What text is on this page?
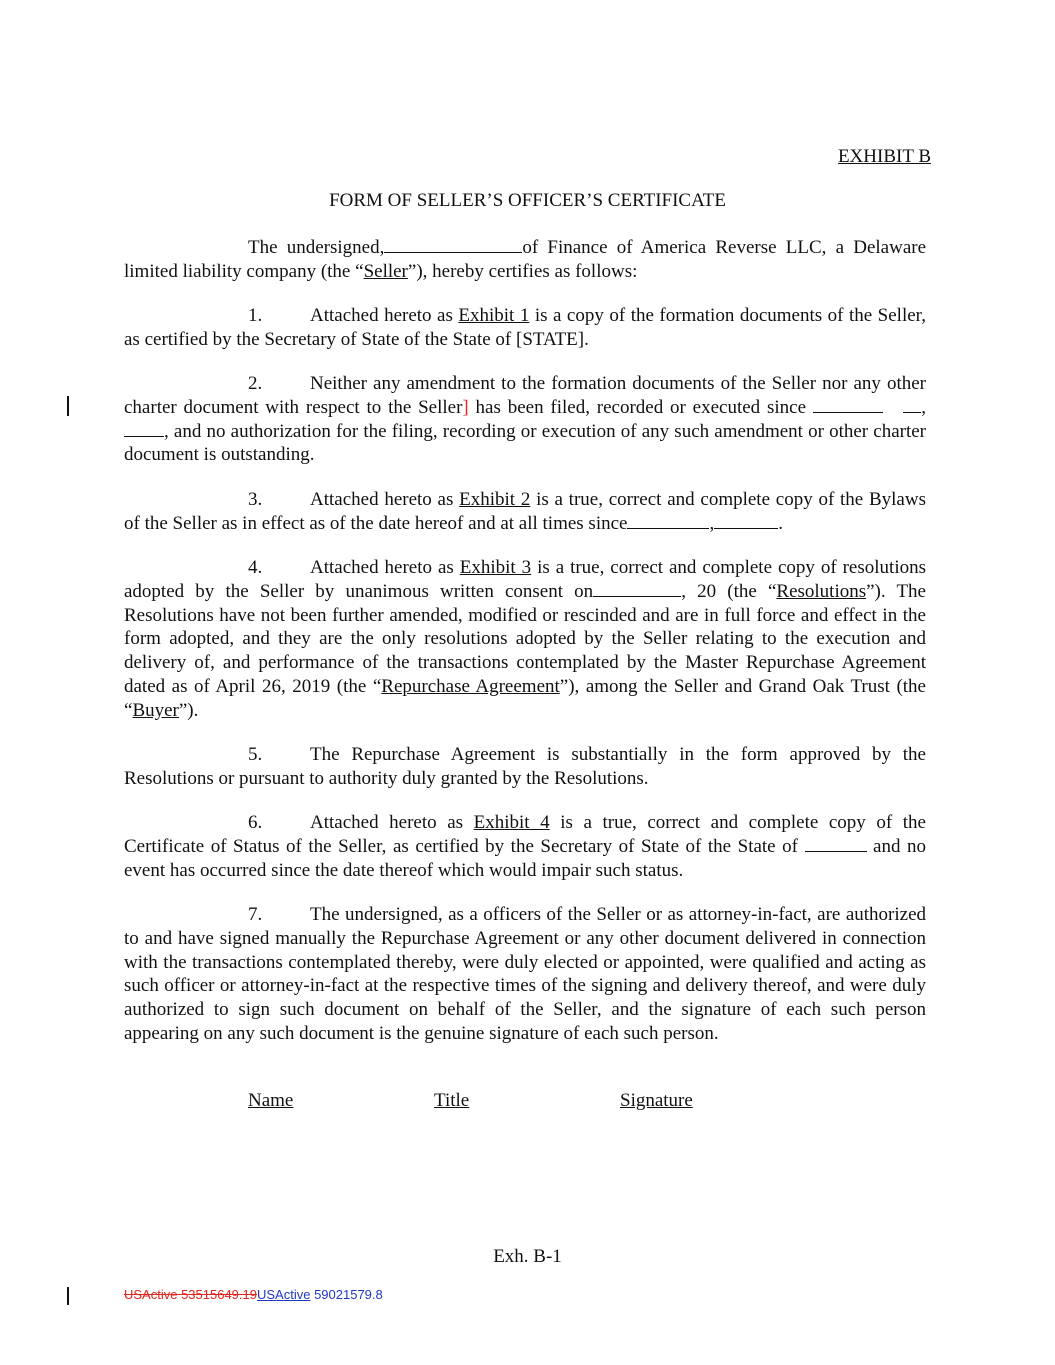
EXHIBIT B
FORM OF SELLER’S OFFICER’S CERTIFICATE
The undersigned,	of Finance of America Reverse LLC, a Delaware limited liability company (the “Seller”), hereby certifies as follows:
1.	Attached hereto as Exhibit 1 is a copy of the formation documents of the Seller, as certified by the Secretary of State of the State of [STATE].
2.	Neither any amendment to the formation documents of the Seller nor any other charter document with respect to the Seller] has been filed, recorded or executed since	,, and no authorization for the filing, recording or execution of any such amendment or other charter document is outstanding.
3.	Attached hereto as Exhibit 2 is a true, correct and complete copy of the Bylaws of the Seller as in effect as of the date hereof and at all times since	,	.
4.	Attached hereto as Exhibit 3 is a true, correct and complete copy of resolutions adopted by the Seller by unanimous written consent on	, 20 (the “Resolutions”). The Resolutions have not been further amended, modified or rescinded and are in full force and effect in the form adopted, and they are the only resolutions adopted by the Seller relating to the execution and delivery of, and performance of the transactions contemplated by the Master Repurchase Agreement dated as of April 26, 2019 (the “Repurchase Agreement”), among the Seller and Grand Oak Trust (the “Buyer”).
5.	The Repurchase Agreement is substantially in the form approved by the Resolutions or pursuant to authority duly granted by the Resolutions.
6.	Attached hereto as Exhibit 4 is a true, correct and complete copy of the Certificate of Status of the Seller, as certified by the Secretary of State of the State of	and no event has occurred since the date thereof which would impair such status.
7.	The undersigned, as a officers of the Seller or as attorney-in-fact, are authorized to and have signed manually the Repurchase Agreement or any other document delivered in connection with the transactions contemplated thereby, were duly elected or appointed, were qualified and acting as such officer or attorney-in-fact at the respective times of the signing and delivery thereof, and were duly authorized to sign such document on behalf of the Seller, and the signature of each such person appearing on any such document is the genuine signature of each such person.
Name	Title	Signature
Exh. B-1
USActive 53515649.19USActive 59021579.8
